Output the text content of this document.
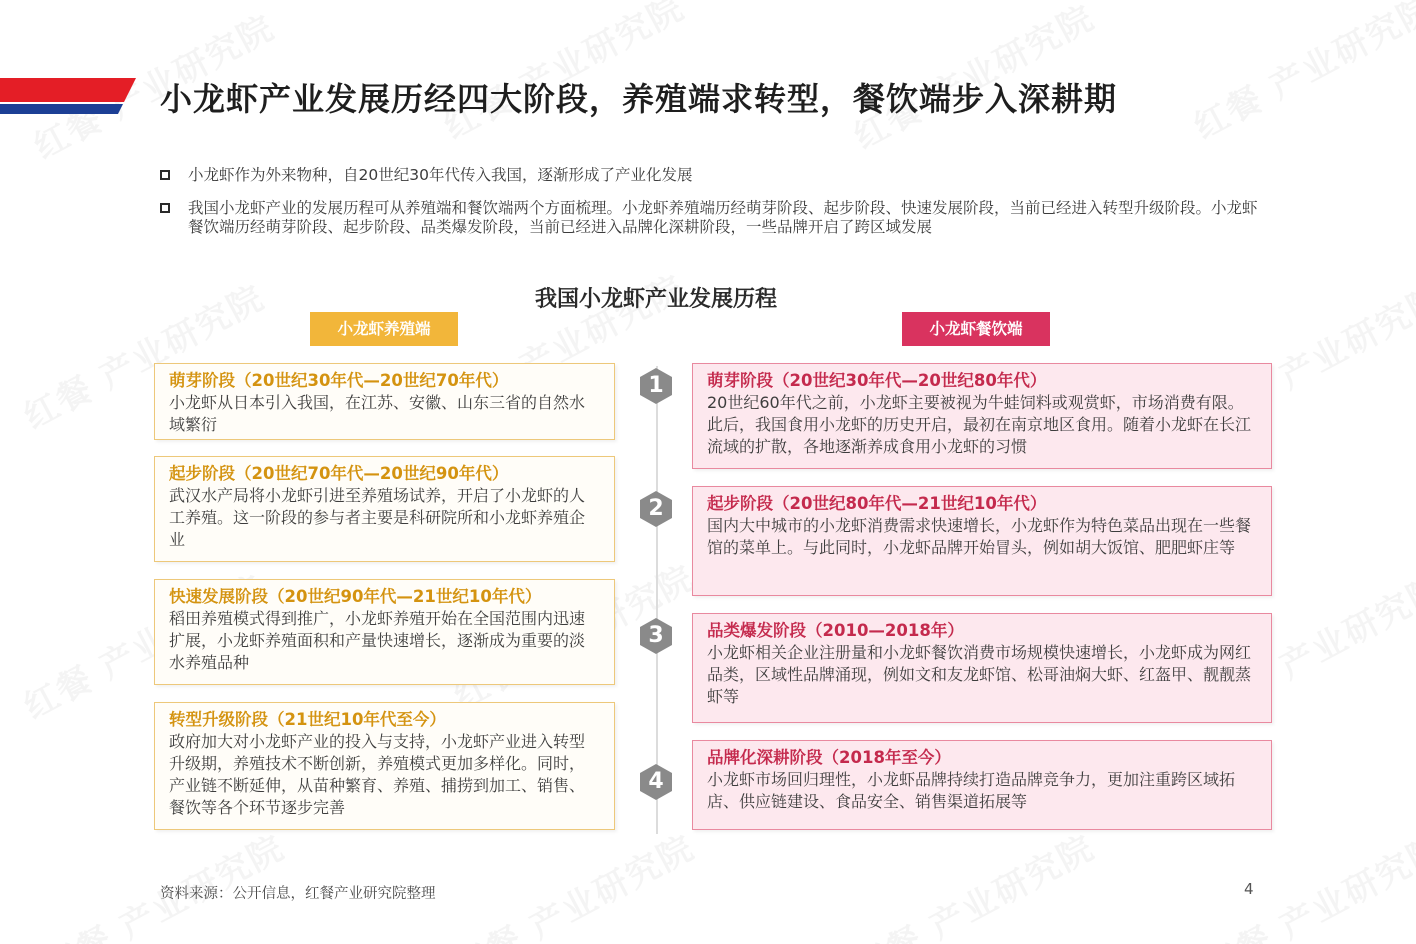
小龙虾产业发展历经四大阶段，养殖端求转型，餐饮端步入深耕期
小龙虾作为外来物种，自20世纪30年代传入我国，逐渐形成了产业化发展
我国小龙虾产业的发展历程可从养殖端和餐饮端两个方面梳理。小龙虾养殖端历经萌芽阶段、起步阶段、快速发展阶段，当前已经进入转型升级阶段。小龙虾餐饮端历经萌芽阶段、起步阶段、品类爆发阶段，当前已经进入品牌化深耕阶段，一些品牌开启了跨区域发展
我国小龙虾产业发展历程
小龙虾养殖端	小龙虾餐饮端
萌芽阶段（20世纪30年代—20世纪70年代）
小龙虾从日本引入我国，在江苏、安徽、山东三省的自然水域繁衍
起步阶段（20世纪70年代—20世纪90年代）
武汉水产局将小龙虾引进至养殖场试养，开启了小龙虾的人工养殖。这一阶段的参与者主要是科研院所和小龙虾养殖企业
快速发展阶段（20世纪90年代—21世纪10年代）
稻田养殖模式得到推广，小龙虾养殖开始在全国范围内迅速扩展，小龙虾养殖面积和产量快速增长，逐渐成为重要的淡水养殖品种
转型升级阶段（21世纪10年代至今）
政府加大对小龙虾产业的投入与支持，小龙虾产业进入转型升级期，养殖技术不断创新，养殖模式更加多样化。同时，产业链不断延伸，从苗种繁育、养殖、捕捞到加工、销售、餐饮等各个环节逐步完善
1
2
3
4
萌芽阶段（20世纪30年代—20世纪80年代）
20世纪60年代之前，小龙虾主要被视为牛蛙饲料或观赏虾，市场消费有限。此后，我国食用小龙虾的历史开启，最初在南京地区食用。随着小龙虾在长江流域的扩散，各地逐渐养成食用小龙虾的习惯
起步阶段（20世纪80年代—21世纪10年代）
国内大中城市的小龙虾消费需求快速增长，小龙虾作为特色菜品出现在一些餐馆的菜单上。与此同时，小龙虾品牌开始冒头，例如胡大饭馆、肥肥虾庄等
品类爆发阶段（2010—2018年）
小龙虾相关企业注册量和小龙虾餐饮消费市场规模快速增长，小龙虾成为网红品类，区域性品牌涌现，例如文和友龙虾馆、松哥油焖大虾、红盔甲、靓靓蒸虾等
品牌化深耕阶段（2018年至今）
小龙虾市场回归理性，小龙虾品牌持续打造品牌竞争力，更加注重跨区域拓店、供应链建设、食品安全、销售渠道拓展等
资料来源：公开信息，红餐产业研究院整理	4
